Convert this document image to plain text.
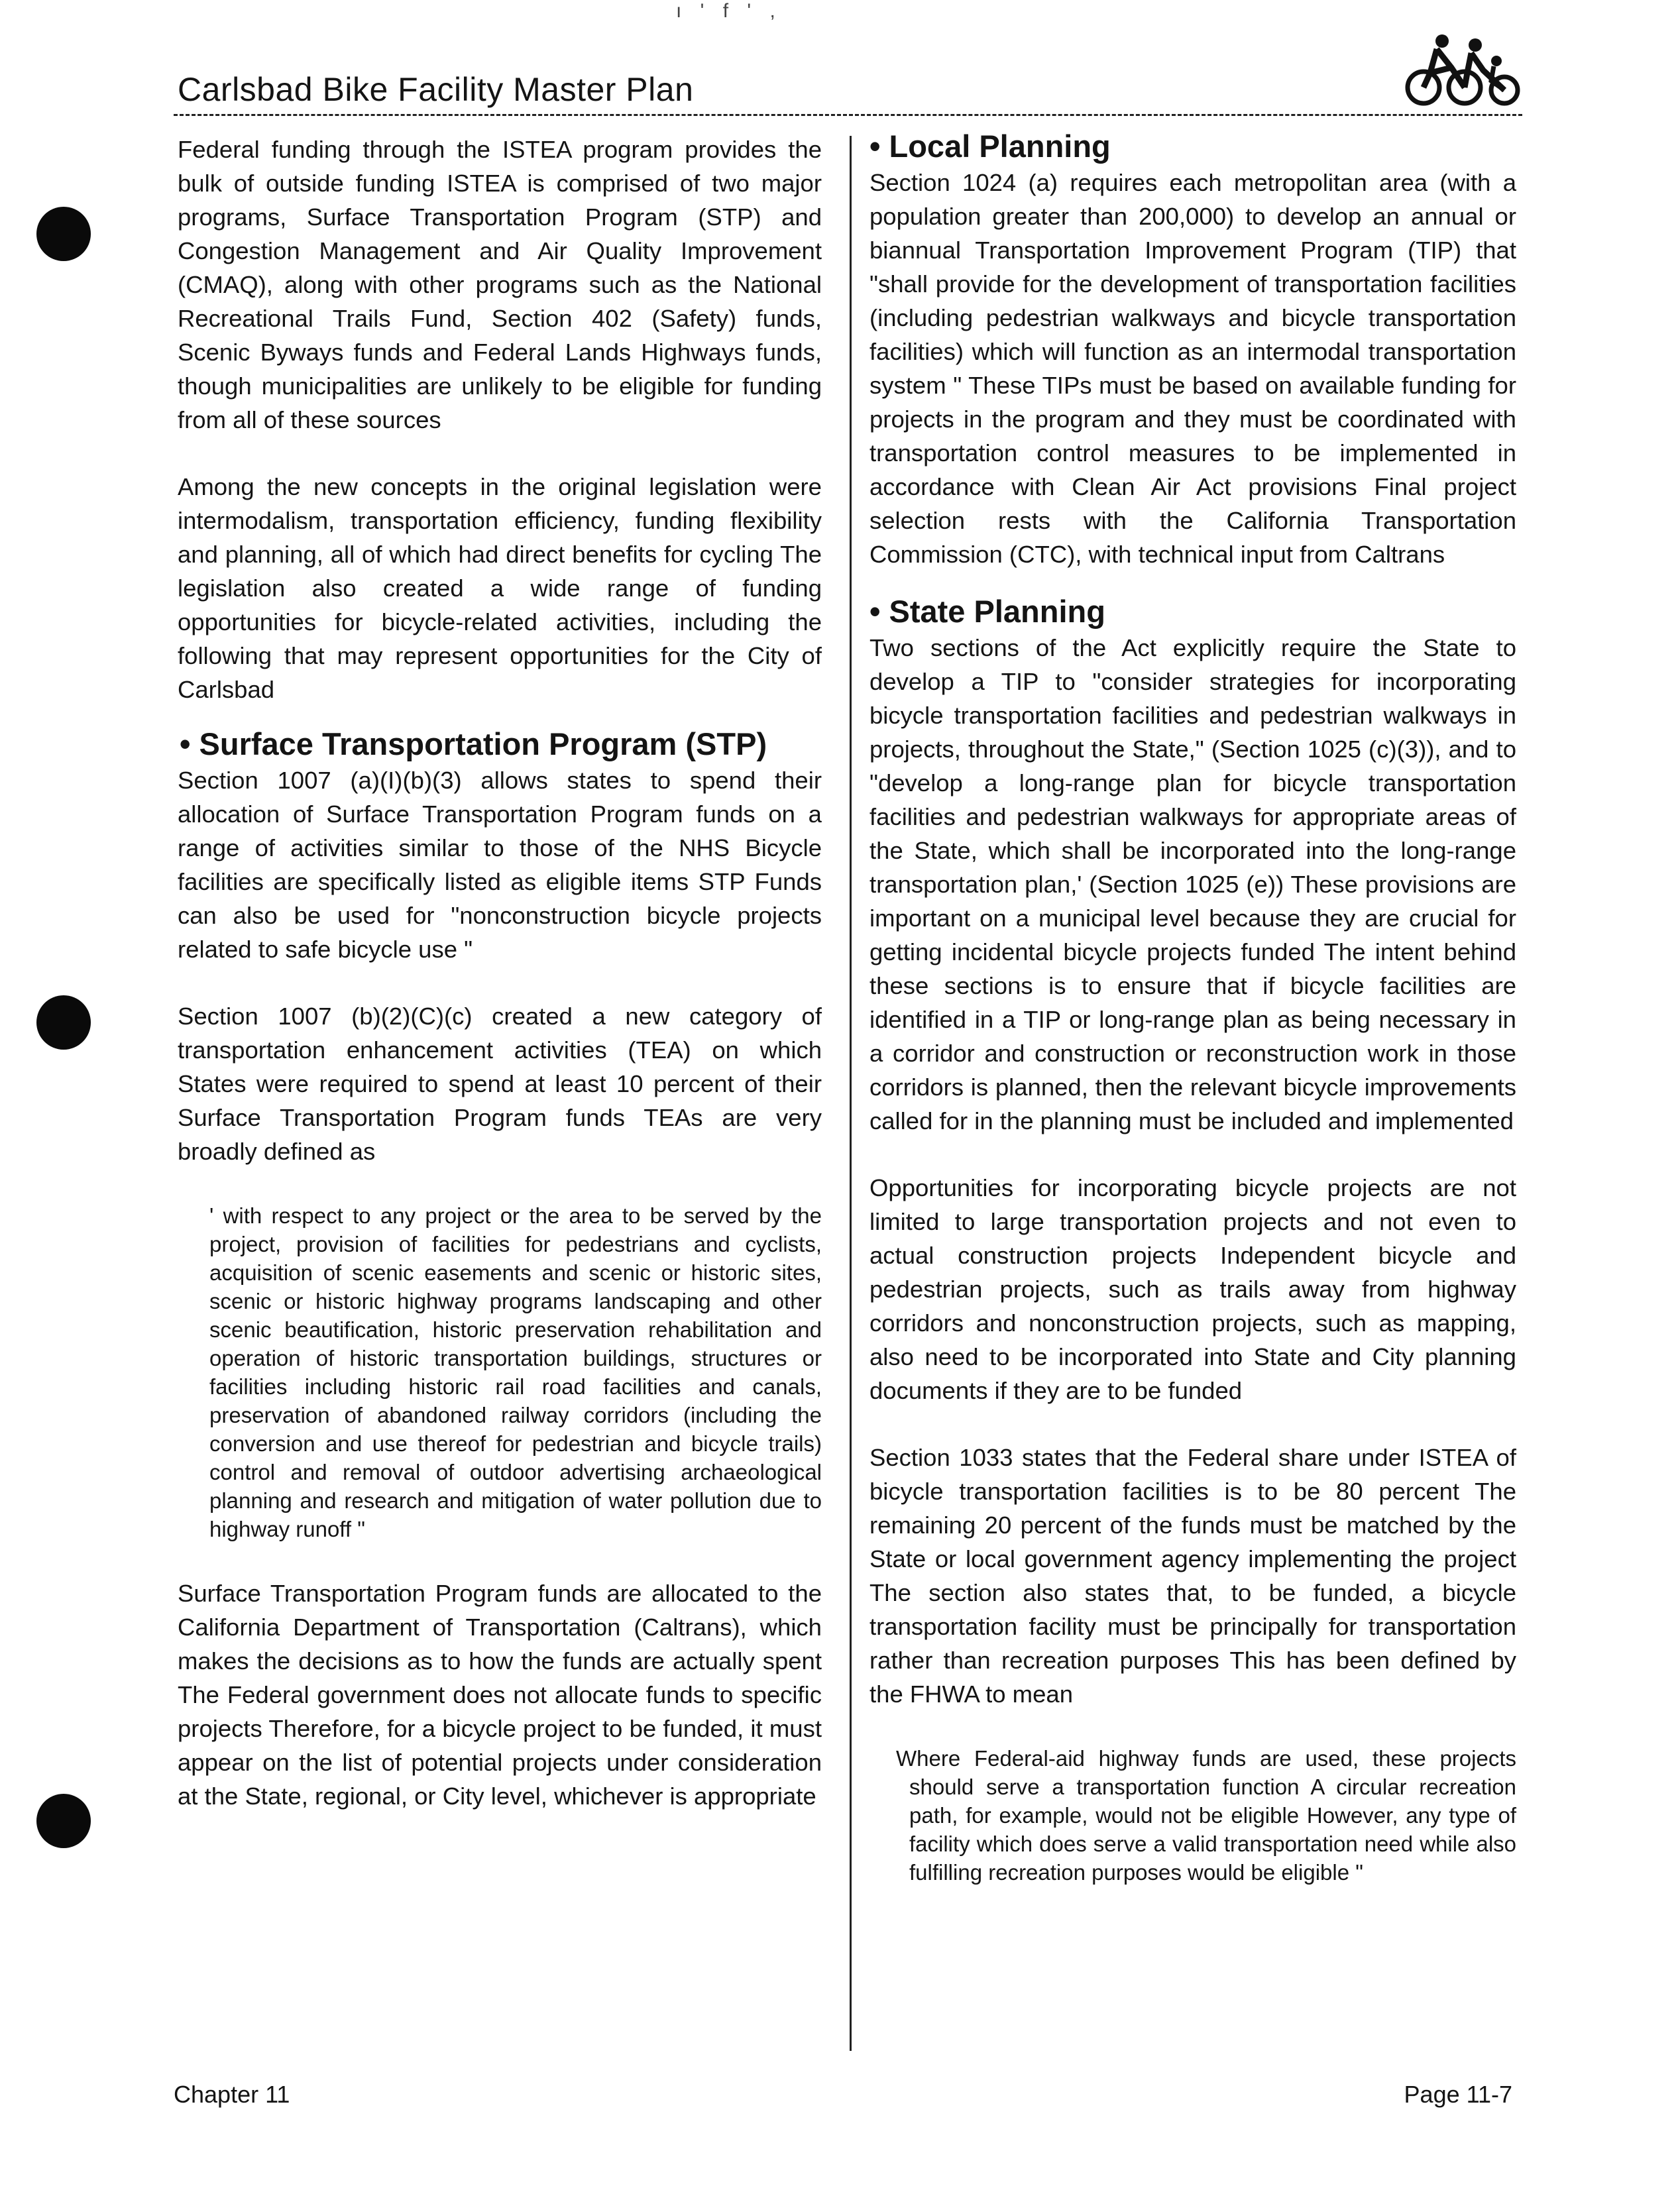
ı ' f ' ,
Carlsbad Bike Facility Master Plan

Federal funding through the ISTEA program provides the bulk of outside funding ISTEA is comprised of two major programs, Surface Transportation Program (STP) and Congestion Management and Air Quality Improvement (CMAQ), along with other programs such as the National Recreational Trails Fund, Section 402 (Safety) funds, Scenic Byways funds and Federal Lands Highways funds, though municipalities are unlikely to be eligible for funding from all of these sources

Among the new concepts in the original legislation were intermodalism, transportation efficiency, funding flexibility and planning, all of which had direct benefits for cycling The legislation also created a wide range of funding opportunities for bicycle-related activities, including the following that may represent opportunities for the City of Carlsbad

• Surface Transportation Program (STP)

Section 1007 (a)(I)(b)(3) allows states to spend their allocation of Surface Transportation Program funds on a range of activities similar to those of the NHS Bicycle facilities are specifically listed as eligible items STP Funds can also be used for "nonconstruction bicycle projects related to safe bicycle use "

Section 1007 (b)(2)(C)(c) created a new category of transportation enhancement activities (TEA) on which States were required to spend at least 10 percent of their Surface Transportation Program funds TEAs are very broadly defined as

' with respect to any project or the area to be served by the project, provision of facilities for pedestrians and cyclists, acquisition of scenic easements and scenic or historic sites, scenic or historic highway programs landscaping and other scenic beautification, historic preservation rehabilitation and operation of historic transportation buildings, structures or facilities including historic rail road facilities and canals, preservation of abandoned railway corridors (including the conversion and use thereof for pedestrian and bicycle trails) control and removal of outdoor advertising archaeological planning and research and mitigation of water pollution due to highway runoff "

Surface Transportation Program funds are allocated to the California Department of Transportation (Caltrans), which makes the decisions as to how the funds are actually spent The Federal government does not allocate funds to specific projects Therefore, for a bicycle project to be funded, it must appear on the list of potential projects under consideration at the State, regional, or City level, whichever is appropriate

• Local Planning

Section 1024 (a) requires each metropolitan area (with a population greater than 200,000) to develop an annual or biannual Transportation Improvement Program (TIP) that "shall provide for the development of transportation facilities (including pedestrian walkways and bicycle transportation facilities) which will function as an intermodal transportation system " These TIPs must be based on available funding for projects in the program and they must be coordinated with transportation control measures to be implemented in accordance with Clean Air Act provisions Final project selection rests with the California Transportation Commission (CTC), with technical input from Caltrans

• State Planning

Two sections of the Act explicitly require the State to develop a TIP to "consider strategies for incorporating bicycle transportation facilities and pedestrian walkways in projects, throughout the State," (Section 1025 (c)(3)), and to "develop a long-range plan for bicycle transportation facilities and pedestrian walkways for appropriate areas of the State, which shall be incorporated into the long-range transportation plan,' (Section 1025 (e)) These provisions are important on a municipal level because they are crucial for getting incidental bicycle projects funded The intent behind these sections is to ensure that if bicycle facilities are identified in a TIP or long-range plan as being necessary in a corridor and construction or reconstruction work in those corridors is planned, then the relevant bicycle improvements called for in the planning must be included and implemented

Opportunities for incorporating bicycle projects are not limited to large transportation projects and not even to actual construction projects Independent bicycle and pedestrian projects, such as trails away from highway corridors and nonconstruction projects, such as mapping, also need to be incorporated into State and City planning documents if they are to be funded

Section 1033 states that the Federal share under ISTEA of bicycle transportation facilities is to be 80 percent The remaining 20 percent of the funds must be matched by the State or local government agency implementing the project The section also states that, to be funded, a bicycle transportation facility must be principally for transportation rather than recreation purposes This has been defined by the FHWA to mean

Where Federal-aid highway funds are used, these projects should serve a transportation function A circular recreation path, for example, would not be eligible However, any type of facility which does serve a valid transportation need while also fulfilling recreation purposes would be eligible "
Chapter 11	Page 11-7
